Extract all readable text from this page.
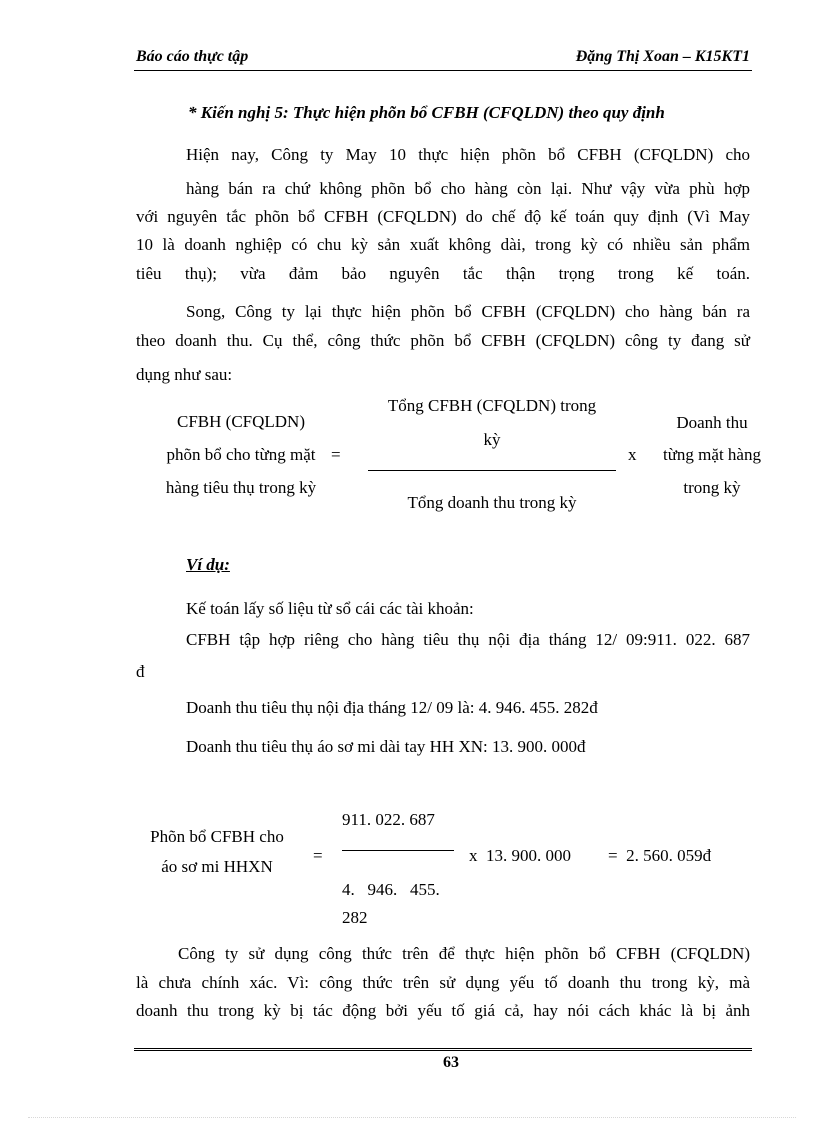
Báo cáo thực tập	Đặng Thị Xoan – K15KT1
* Kiến nghị 5: Thực hiện phõn bổ CFBH (CFQLDN) theo quy định
Hiện nay, Công ty May 10 thực hiện phõn bổ CFBH (CFQLDN) cho
hàng bán ra chứ không phõn bổ cho hàng còn lại. Như vậy vừa phù hợp
với nguyên tắc phõn bổ CFBH (CFQLDN) do chế độ kế toán quy định (Vì May
10 là doanh nghiệp có chu kỳ sản xuất không dài, trong kỳ có nhiều sản phẩm
tiêu thụ); vừa đảm bảo nguyên tắc thận trọng trong kế toán.
Song, Công ty lại thực hiện phõn bổ CFBH (CFQLDN) cho hàng bán ra
theo doanh thu. Cụ thể, công thức phõn bổ CFBH (CFQLDN) công ty đang sử
dụng như sau:
CFBH (CFQLDN)
phõn bổ cho từng mặt
hàng tiêu thụ trong kỳ
=
Tổng CFBH (CFQLDN) trong
kỳ
Tổng doanh thu trong kỳ
x
Doanh thu
từng mặt hàng
trong kỳ
Ví dụ:
Kế toán lấy số liệu từ sổ cái các tài khoản:
CFBH tập hợp riêng cho hàng tiêu thụ nội địa tháng 12/ 09:911. 022. 687
đ
Doanh thu tiêu thụ nội địa tháng 12/ 09 là: 4. 946. 455. 282đ
Doanh thu tiêu thụ áo sơ mi dài tay HH XN: 13. 900. 000đ
Phõn bổ CFBH cho
áo sơ mi HHXN
=
911. 022. 687
4.   946.   455.
282
x  13. 900. 000 =  2. 560. 059đ
Công ty sử dụng công thức trên để thực hiện phõn bổ CFBH (CFQLDN)
là chưa chính xác. Vì: công thức trên sử dụng yếu tố doanh thu trong kỳ, mà
doanh thu trong kỳ bị tác động bởi yếu tố giá cả, hay nói cách khác là bị ảnh
63
